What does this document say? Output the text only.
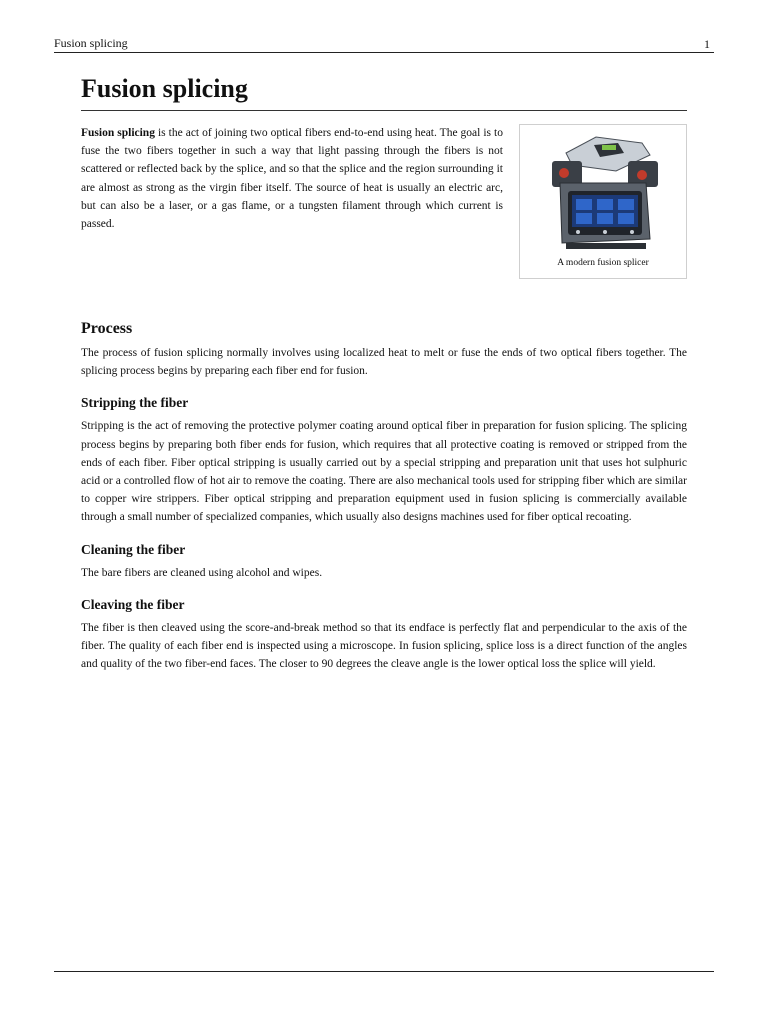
Fusion splicing	1
Fusion splicing

Fusion splicing is the act of joining two optical fibers end-to-end using heat. The goal is to fuse the two fibers together in such a way that light passing through the fibers is not scattered or reflected back by the splice, and so that the splice and the region surrounding it are almost as strong as the virgin fiber itself. The source of heat is usually an electric arc, but can also be a laser, or a gas flame, or a tungsten filament through which current is passed.

A modern fusion splicer
Process

The process of fusion splicing normally involves using localized heat to melt or fuse the ends of two optical fibers together. The splicing process begins by preparing each fiber end for fusion.

Stripping the fiber

Stripping is the act of removing the protective polymer coating around optical fiber in preparation for fusion splicing. The splicing process begins by preparing both fiber ends for fusion, which requires that all protective coating is removed or stripped from the ends of each fiber. Fiber optical stripping is usually carried out by a special stripping and preparation unit that uses hot sulphuric acid or a controlled flow of hot air to remove the coating. There are also mechanical tools used for stripping fiber which are similar to copper wire strippers. Fiber optical stripping and preparation equipment used in fusion splicing is commercially available through a small number of specialized companies, which usually also designs machines used for fiber optical recoating.

Cleaning the fiber

The bare fibers are cleaned using alcohol and wipes.

Cleaving the fiber

The fiber is then cleaved using the score-and-break method so that its endface is perfectly flat and perpendicular to the axis of the fiber. The quality of each fiber end is inspected using a microscope. In fusion splicing, splice loss is a direct function of the angles and quality of the two fiber-end faces. The closer to 90 degrees the cleave angle is the lower optical loss the splice will yield.
